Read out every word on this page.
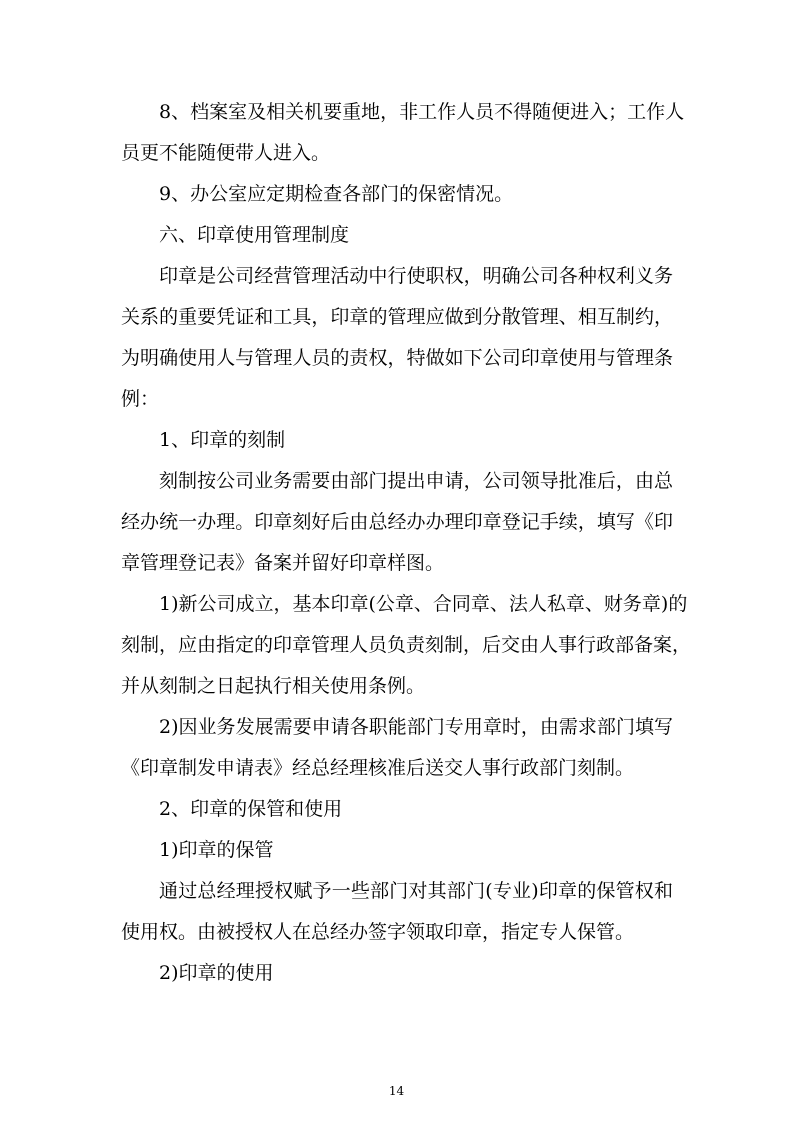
8、档案室及相关机要重地，非工作人员不得随便进入；工作人
员更不能随便带人进入。
9、办公室应定期检查各部门的保密情况。
六、印章使用管理制度
印章是公司经营管理活动中行使职权，明确公司各种权利义务
关系的重要凭证和工具，印章的管理应做到分散管理、相互制约，
为明确使用人与管理人员的责权，特做如下公司印章使用与管理条
例：
1、印章的刻制
刻制按公司业务需要由部门提出申请，公司领导批准后，由总
经办统一办理。印章刻好后由总经办办理印章登记手续，填写《印
章管理登记表》备案并留好印章样图。
1)新公司成立，基本印章(公章、合同章、法人私章、财务章)的
刻制，应由指定的印章管理人员负责刻制，后交由人事行政部备案，
并从刻制之日起执行相关使用条例。
2)因业务发展需要申请各职能部门专用章时，由需求部门填写
《印章制发申请表》经总经理核准后送交人事行政部门刻制。
2、印章的保管和使用
1)印章的保管
通过总经理授权赋予一些部门对其部门(专业)印章的保管权和
使用权。由被授权人在总经办签字领取印章，指定专人保管。
2)印章的使用
14
